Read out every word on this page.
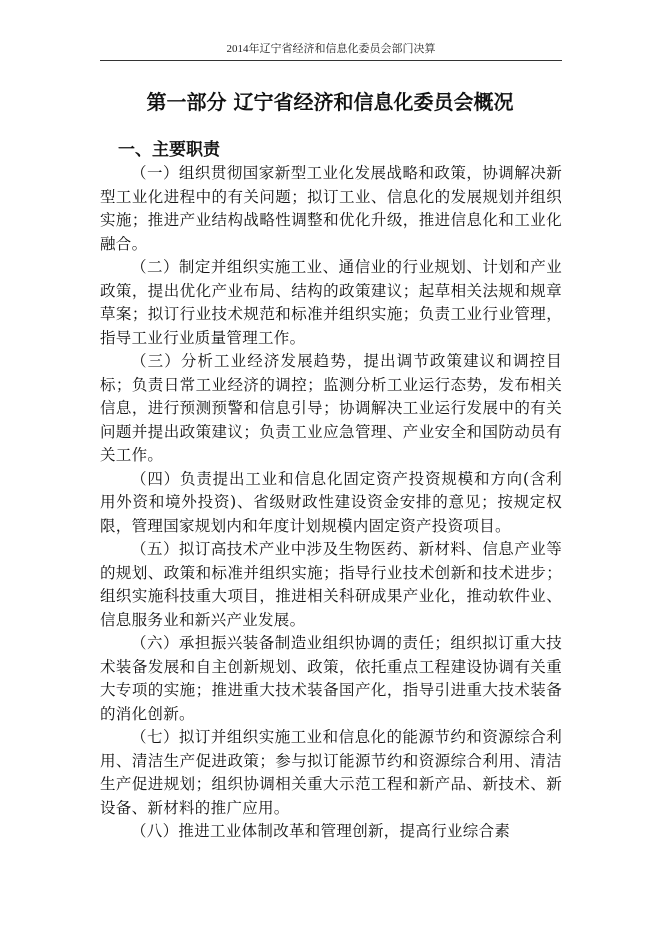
2014年辽宁省经济和信息化委员会部门决算
第一部分 辽宁省经济和信息化委员会概况
一、主要职责

（一）组织贯彻国家新型工业化发展战略和政策，协调解决新型工业化进程中的有关问题；拟订工业、信息化的发展规划并组织实施；推进产业结构战略性调整和优化升级，推进信息化和工业化融合。

（二）制定并组织实施工业、通信业的行业规划、计划和产业政策，提出优化产业布局、结构的政策建议；起草相关法规和规章草案；拟订行业技术规范和标准并组织实施；负责工业行业管理，指导工业行业质量管理工作。

（三）分析工业经济发展趋势，提出调节政策建议和调控目标；负责日常工业经济的调控；监测分析工业运行态势，发布相关信息，进行预测预警和信息引导；协调解决工业运行发展中的有关问题并提出政策建议；负责工业应急管理、产业安全和国防动员有关工作。

（四）负责提出工业和信息化固定资产投资规模和方向(含利用外资和境外投资)、省级财政性建设资金安排的意见；按规定权限，管理国家规划内和年度计划规模内固定资产投资项目。

（五）拟订高技术产业中涉及生物医药、新材料、信息产业等的规划、政策和标准并组织实施；指导行业技术创新和技术进步；组织实施科技重大项目，推进相关科研成果产业化，推动软件业、信息服务业和新兴产业发展。

（六）承担振兴装备制造业组织协调的责任；组织拟订重大技术装备发展和自主创新规划、政策，依托重点工程建设协调有关重大专项的实施；推进重大技术装备国产化，指导引进重大技术装备的消化创新。

（七）拟订并组织实施工业和信息化的能源节约和资源综合利用、清洁生产促进政策；参与拟订能源节约和资源综合利用、清洁生产促进规划；组织协调相关重大示范工程和新产品、新技术、新设备、新材料的推广应用。

（八）推进工业体制改革和管理创新，提高行业综合素
